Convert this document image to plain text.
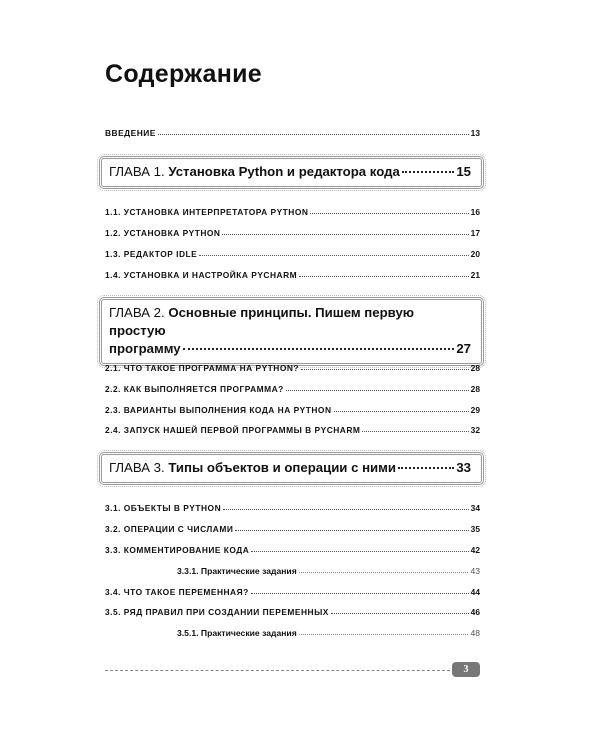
Содержание
ВВЕДЕНИЕ	13
ГЛАВА 1.
Установка Python и редактора кода	15
1.1. УСТАНОВКА ИНТЕРПРЕТАТОРА PYTHON	16
1.2. УСТАНОВКА PYTHON	17
1.3. РЕДАКТОР IDLE	20
1.4. УСТАНОВКА И НАСТРОЙКА PYCHARM	21
ГЛАВА 2. Основные принципы. Пишем первую простую
программу	27
2.1. ЧТО ТАКОЕ ПРОГРАММА НА PYTHON?	28
2.2. КАК ВЫПОЛНЯЕТСЯ ПРОГРАММА?	28
2.3. ВАРИАНТЫ ВЫПОЛНЕНИЯ КОДА НА PYTHON	29
2.4. ЗАПУСК НАШЕЙ ПЕРВОЙ ПРОГРАММЫ В PYCHARM	32
ГЛАВА 3.
Типы объектов и операции с ними	33
3.1. ОБЪЕКТЫ В PYTHON	34
3.2. ОПЕРАЦИИ С ЧИСЛАМИ	35
3.3. КОММЕНТИРОВАНИЕ КОДА	42
3.3.1. Практические задания	43
3.4. ЧТО ТАКОЕ ПЕРЕМЕННАЯ?	44
3.5. РЯД ПРАВИЛ ПРИ СОЗДАНИИ ПЕРЕМЕННЫХ	46
3.5.1. Практические задания	48
3
